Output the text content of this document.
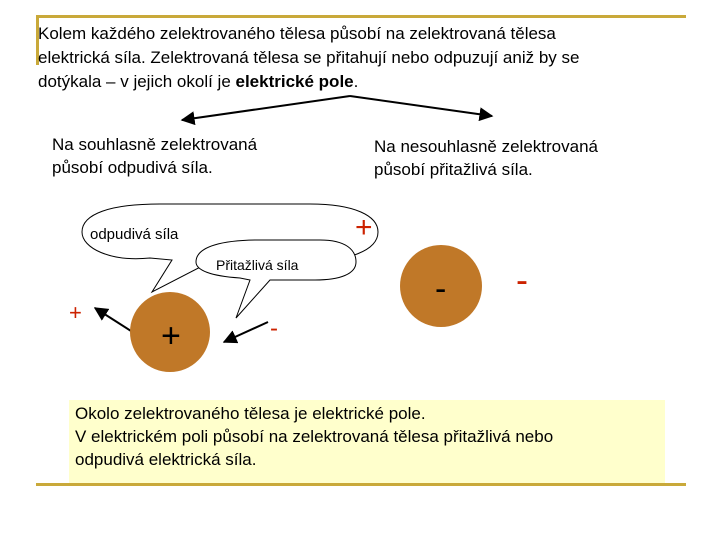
Kolem každého zelektrovaného tělesa působí na zelektrovaná tělesa
elektrická síla. Zelektrovaná tělesa se přitahují nebo odpuzují aniž by se
dotýkala – v jejich okolí je elektrické pole.
Na souhlasně zelektrovaná
působí odpudivá síla.
Na nesouhlasně zelektrovaná
působí přitažlivá síla.
odpudivá síla
Přitažlivá síla
+
+	-
+
- -
Okolo zelektrovaného tělesa je elektrické pole.
V elektrickém poli působí na zelektrovaná tělesa přitažlivá nebo
odpudivá elektrická síla.
